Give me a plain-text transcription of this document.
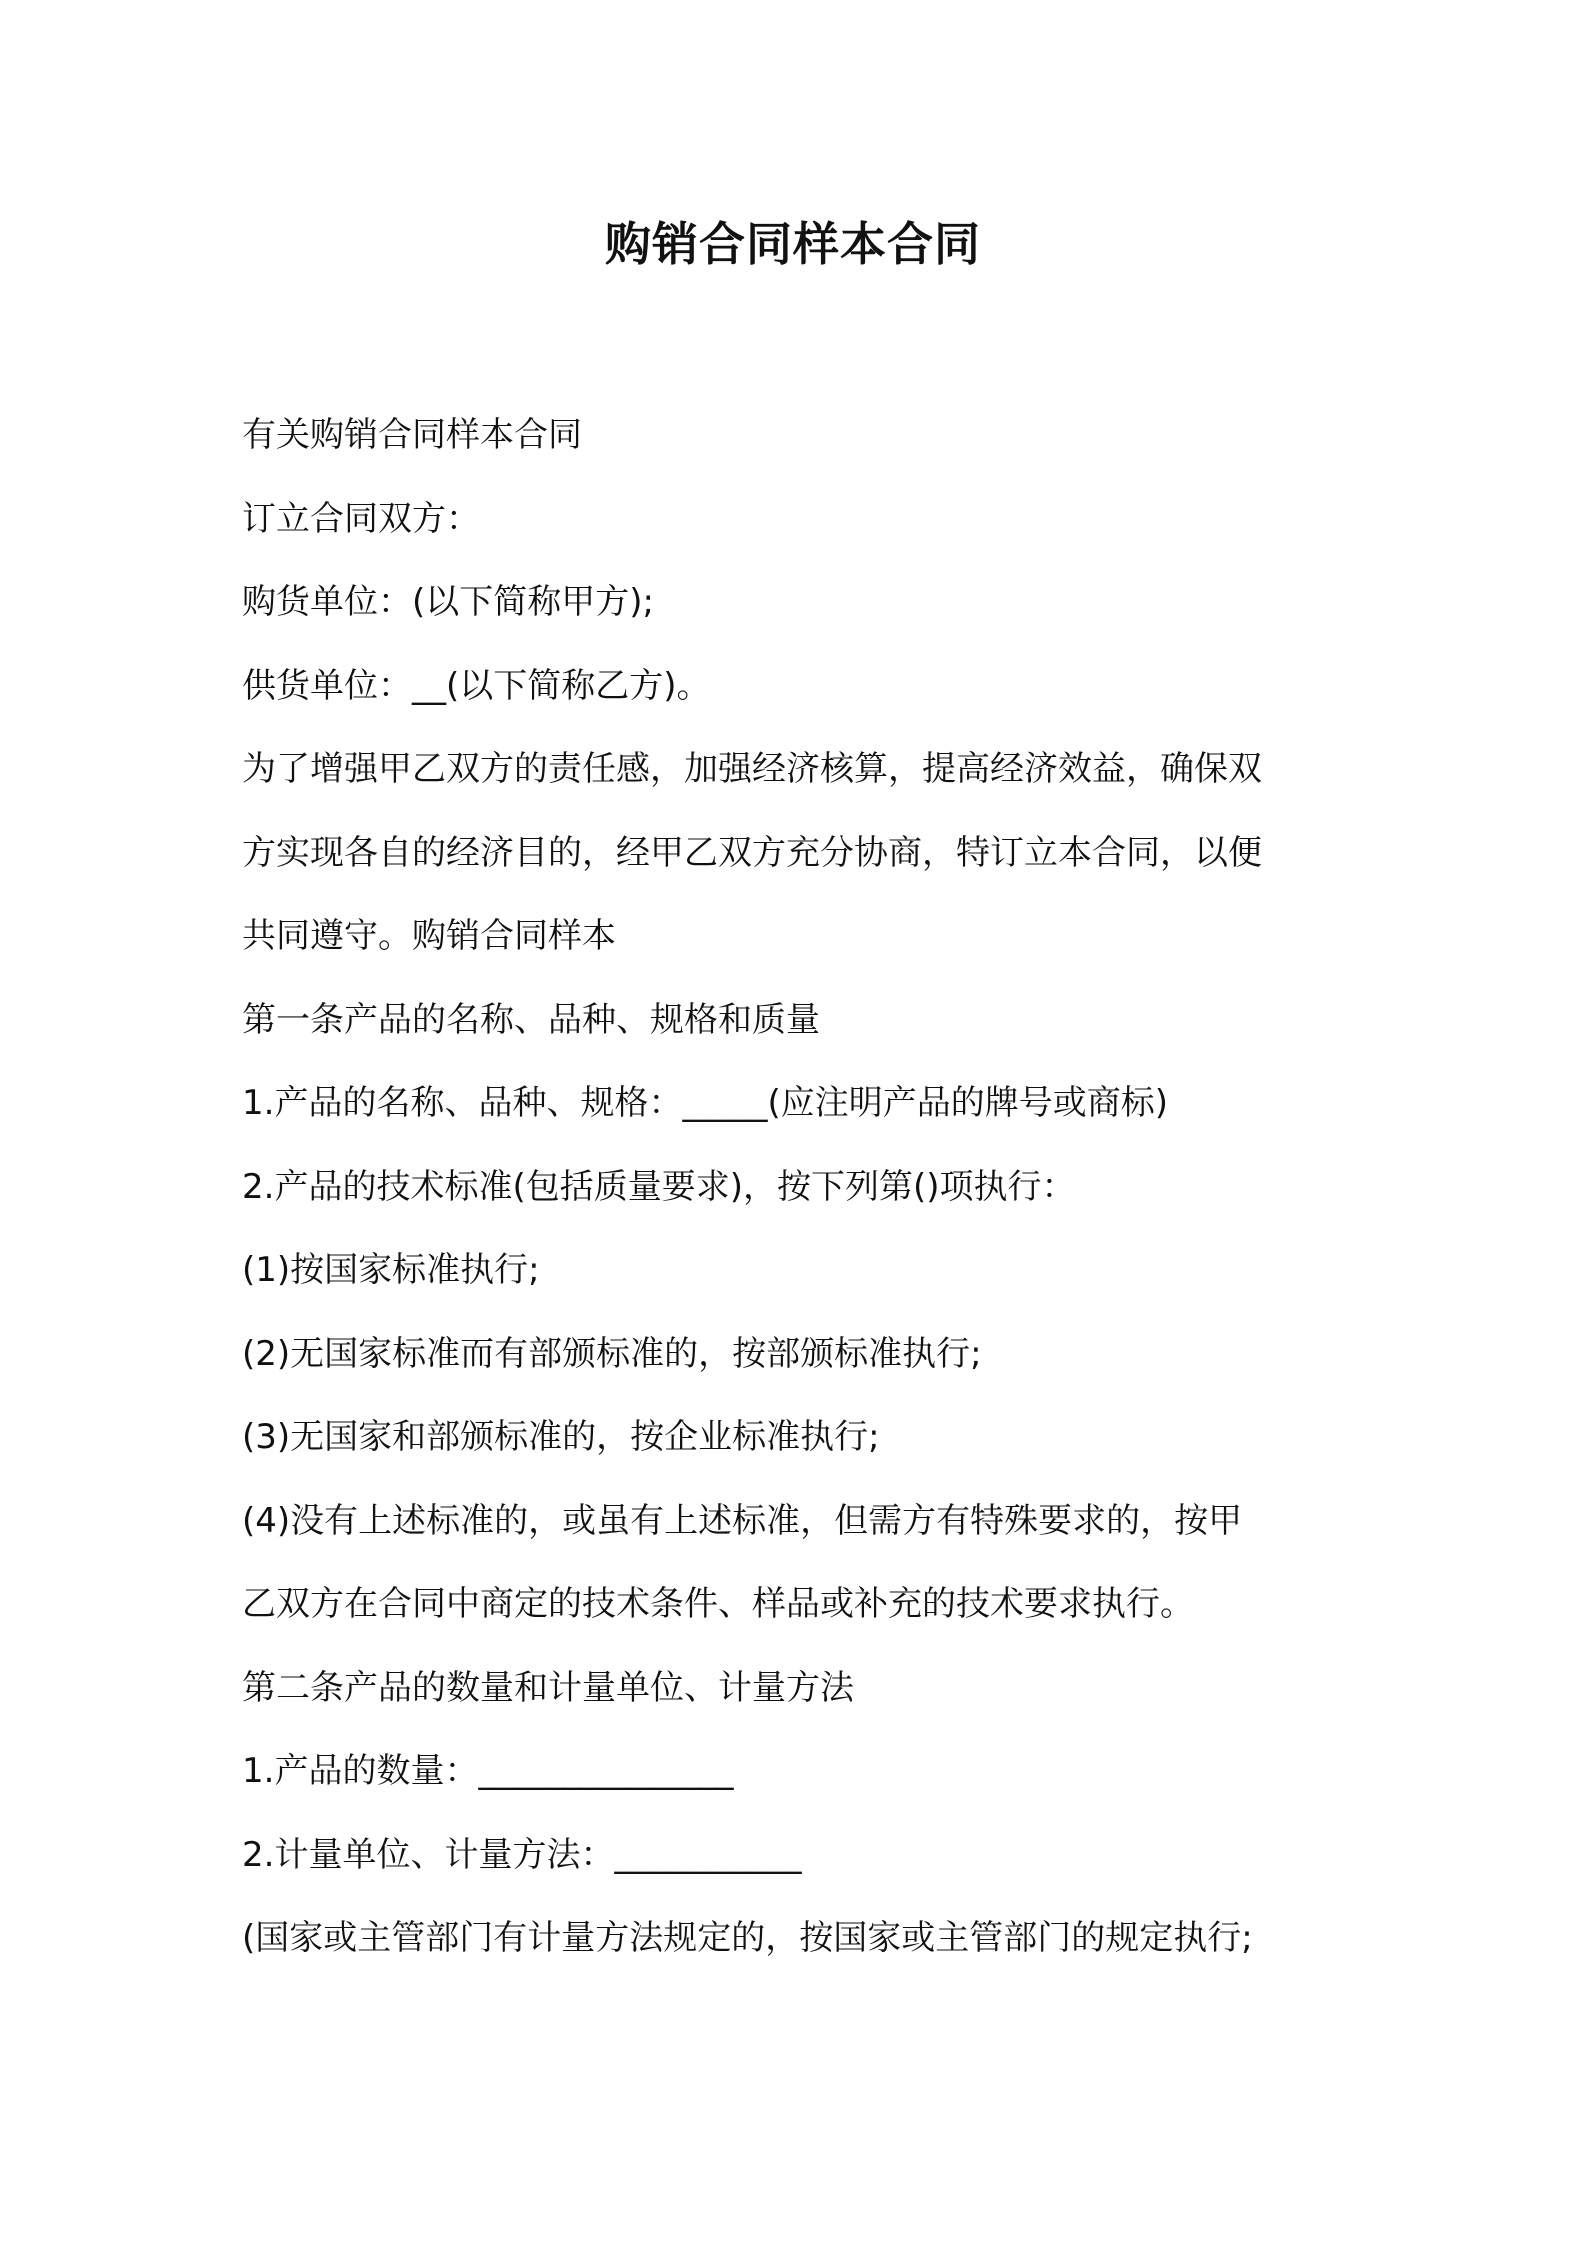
购销合同样本合同

有关购销合同样本合同

订立合同双方：

购货单位：(以下简称甲方);

供货单位：__(以下简称乙方)。

为了增强甲乙双方的责任感，加强经济核算，提高经济效益，确保双

方实现各自的经济目的，经甲乙双方充分协商，特订立本合同，以便

共同遵守。购销合同样本

第一条产品的名称、品种、规格和质量

1.产品的名称、品种、规格：_____(应注明产品的牌号或商标)

2.产品的技术标准(包括质量要求)，按下列第()项执行：

(1)按国家标准执行;

(2)无国家标准而有部颁标准的，按部颁标准执行;

(3)无国家和部颁标准的，按企业标准执行;

(4)没有上述标准的，或虽有上述标准，但需方有特殊要求的，按甲

乙双方在合同中商定的技术条件、样品或补充的技术要求执行。

第二条产品的数量和计量单位、计量方法

1.产品的数量：_______________

2.计量单位、计量方法：___________

(国家或主管部门有计量方法规定的，按国家或主管部门的规定执行;
